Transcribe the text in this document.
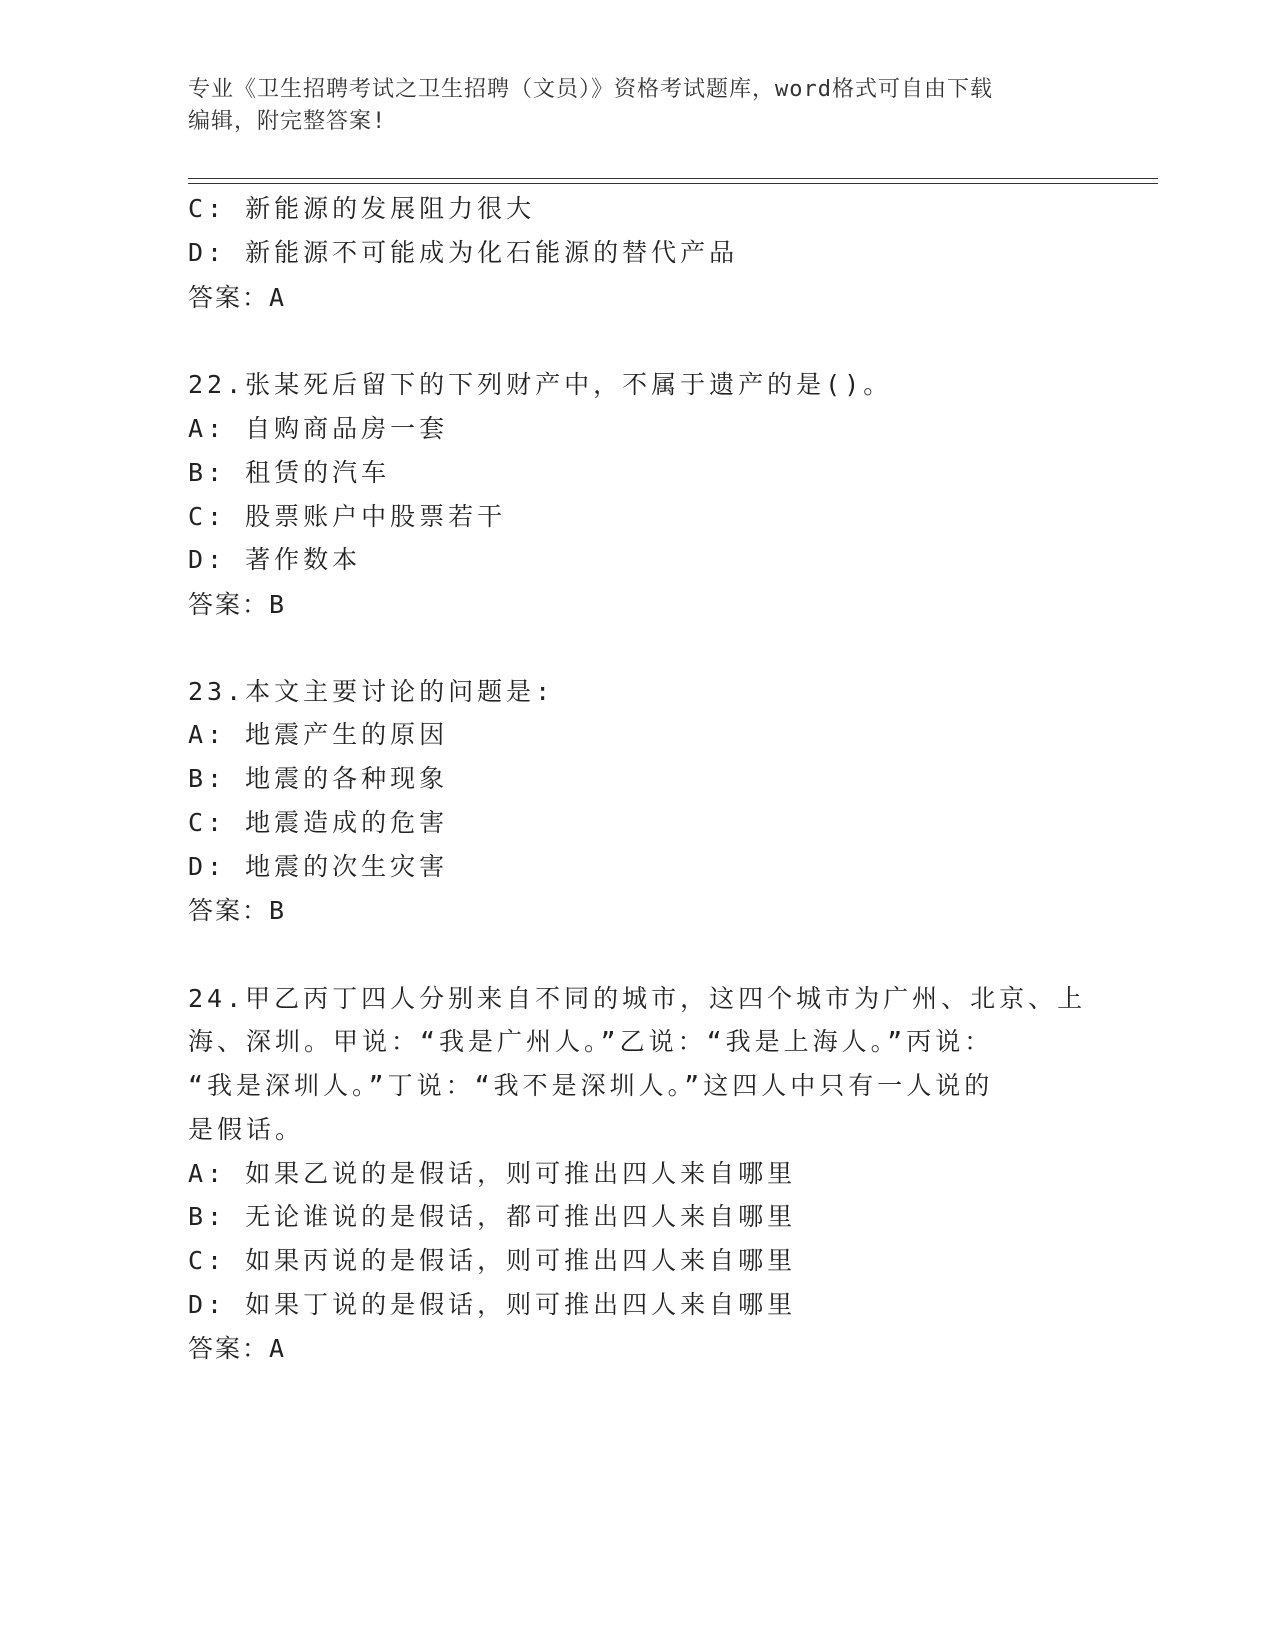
专业《卫生招聘考试之卫生招聘（文员）》资格考试题库，word格式可自由下载
编辑，附完整答案!
C: 新能源的发展阻力很大
D: 新能源不可能成为化石能源的替代产品
答案：A
22.张某死后留下的下列财产中，不属于遗产的是()。
A: 自购商品房一套
B: 租赁的汽车
C: 股票账户中股票若干
D: 著作数本
答案：B
23.本文主要讨论的问题是:
A: 地震产生的原因
B: 地震的各种现象
C: 地震造成的危害
D: 地震的次生灾害
答案：B
24.甲乙丙丁四人分别来自不同的城市，这四个城市为广州、北京、上
海、深圳。甲说：“我是广州人。”乙说：“我是上海人。”丙说：
“我是深圳人。”丁说：“我不是深圳人。”这四人中只有一人说的
是假话。
A: 如果乙说的是假话，则可推出四人来自哪里
B: 无论谁说的是假话，都可推出四人来自哪里
C: 如果丙说的是假话，则可推出四人来自哪里
D: 如果丁说的是假话，则可推出四人来自哪里
答案：A
